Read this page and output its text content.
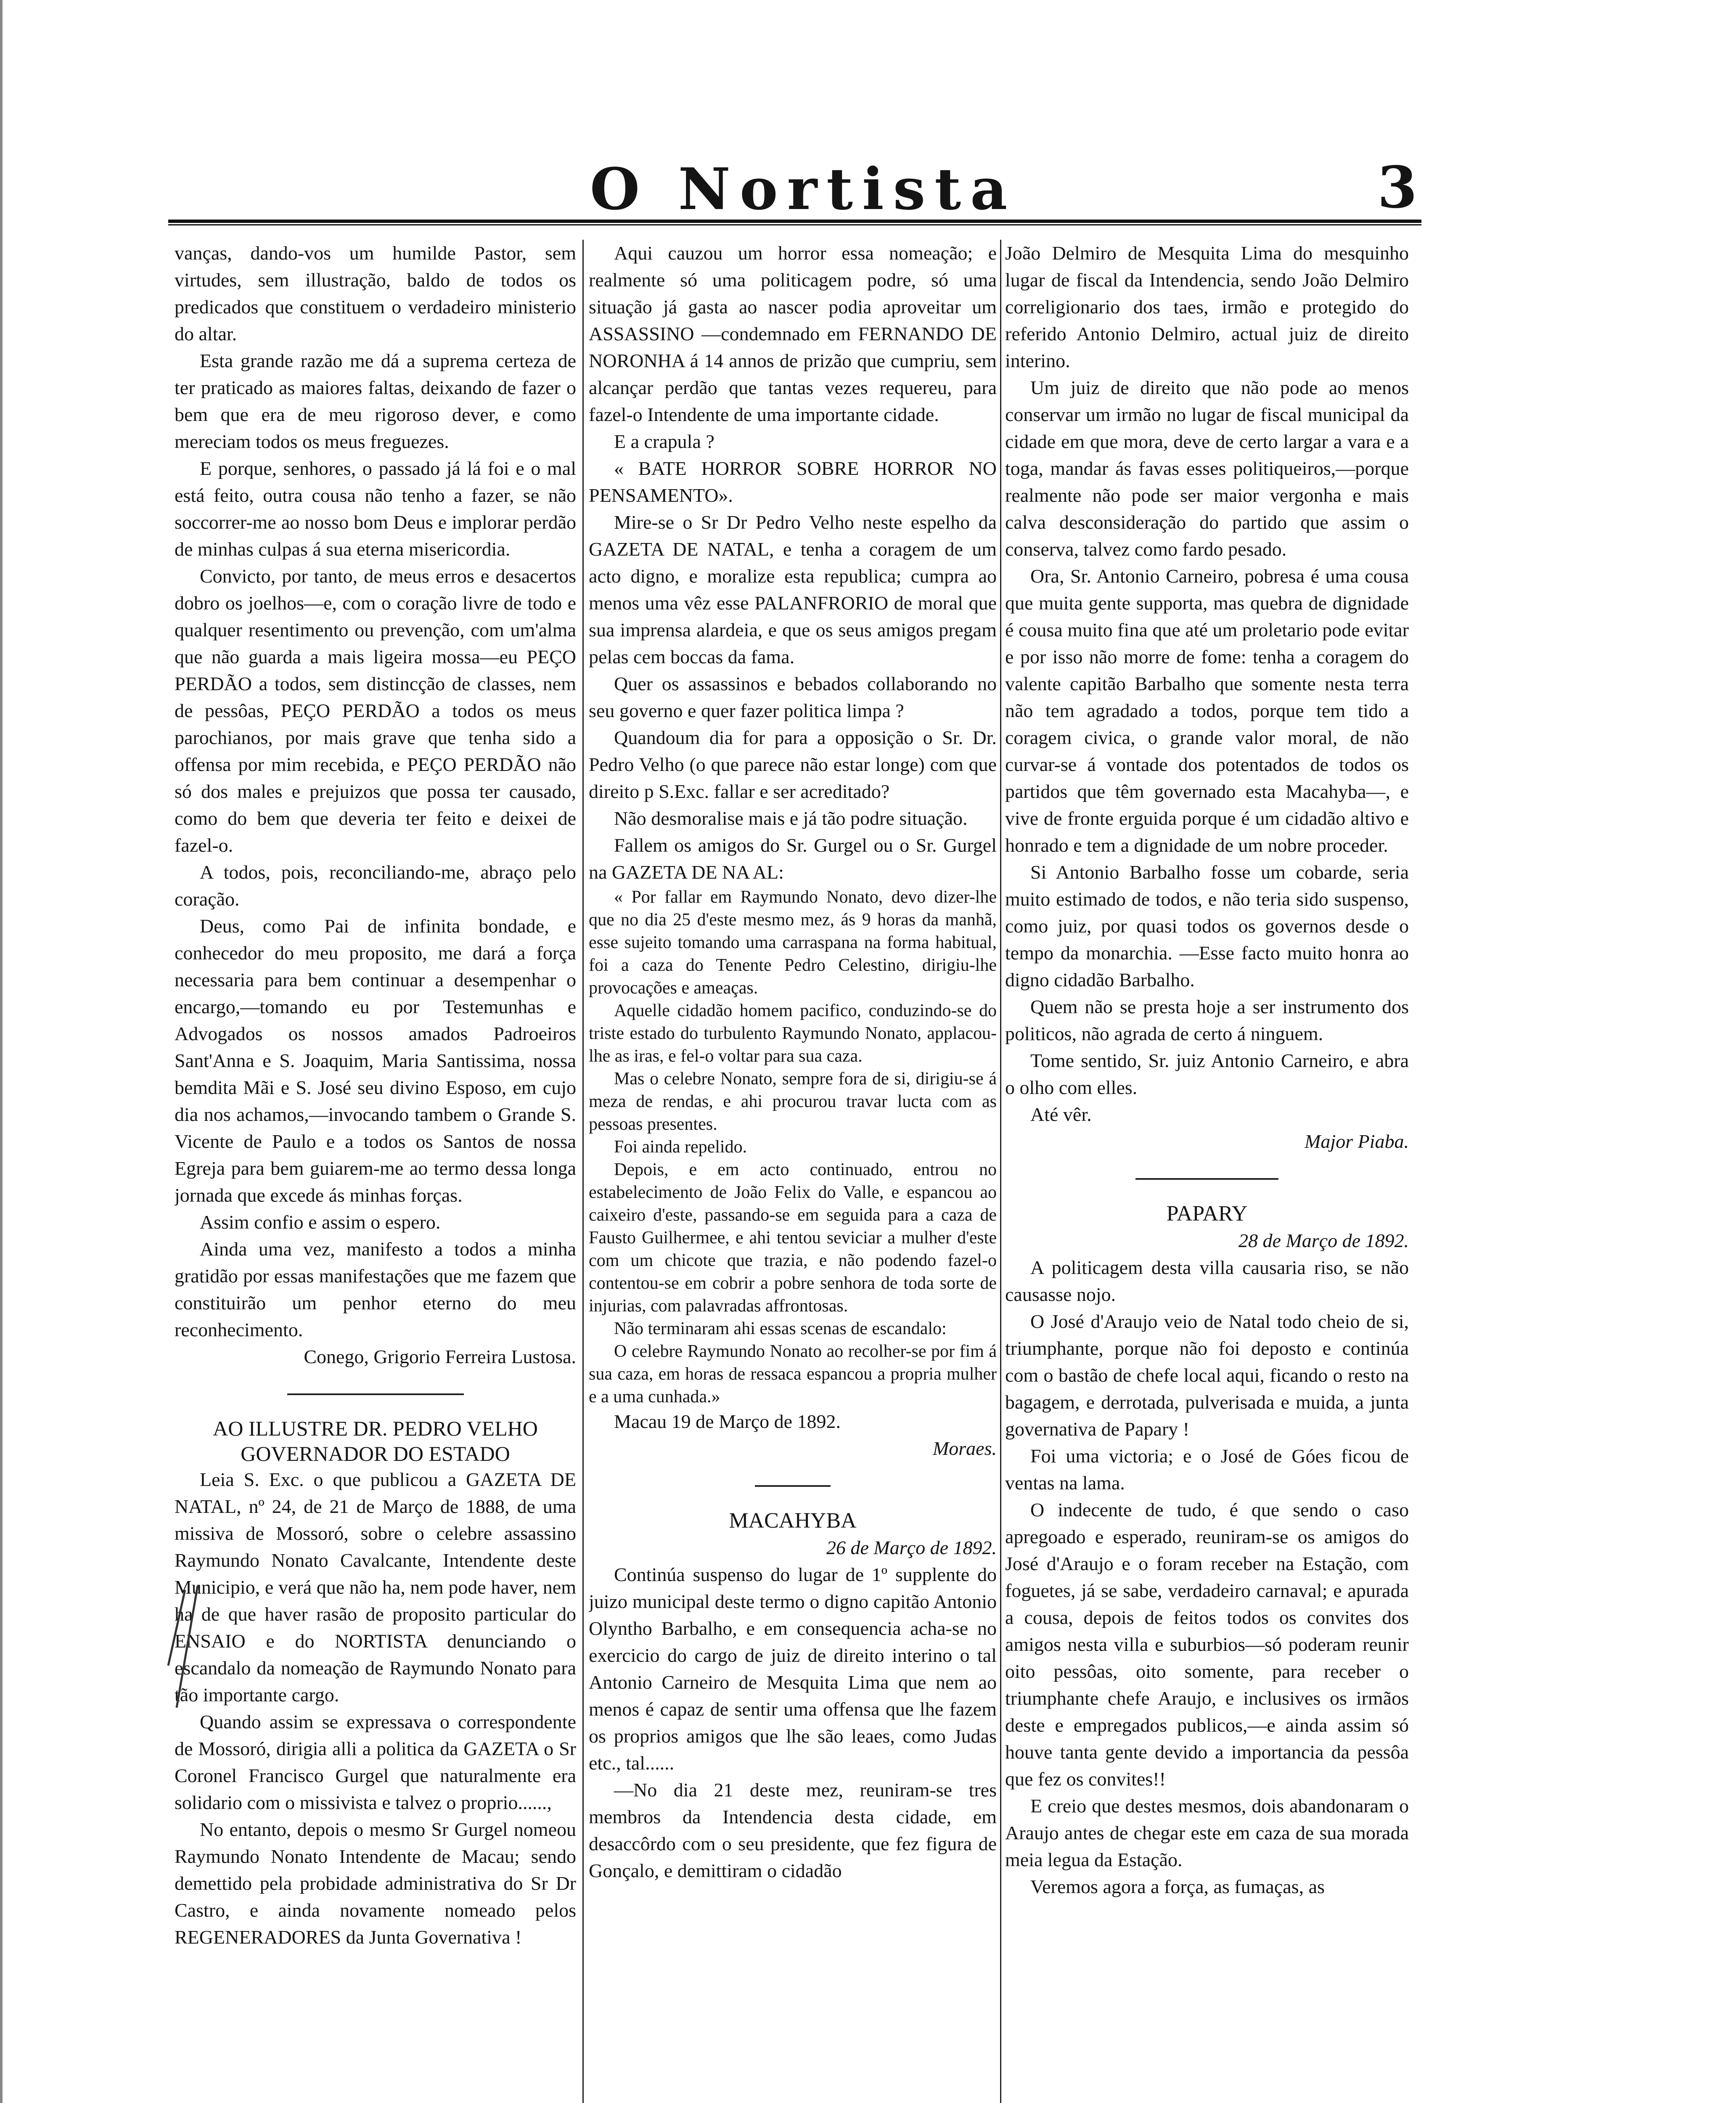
O Nortista	3

vanças, dando-vos um humilde Pastor, sem virtudes, sem illustração, baldo de todos os predicados que constituem o verdadeiro ministerio do altar.

Esta grande razão me dá a suprema certeza de ter praticado as maiores faltas, deixando de fazer o bem que era de meu rigoroso dever, e como mereciam todos os meus freguezes.

E porque, senhores, o passado já lá foi e o mal está feito, outra cousa não tenho a fazer, se não soccorrer-me ao nosso bom Deus e implorar perdão de minhas culpas á sua eterna misericordia.

Convicto, por tanto, de meus erros e desacertos dobro os joelhos—e, com o coração livre de todo e qualquer resentimento ou prevenção, com um'alma que não guarda a mais ligeira mossa—eu PEÇO PERDÃO a todos, sem distincção de classes, nem de pessôas, PEÇO PERDÃO a todos os meus parochianos, por mais grave que tenha sido a offensa por mim recebida, e PEÇO PERDÃO não só dos males e prejuizos que possa ter causado, como do bem que deveria ter feito e deixei de fazel-o.

A todos, pois, reconciliando-me, abraço pelo coração.

Deus, como Pai de infinita bondade, e conhecedor do meu proposito, me dará a força necessaria para bem continuar a desempenhar o encargo,—tomando eu por Testemunhas e Advogados os nossos amados Padroeiros Sant'Anna e S. Joaquim, Maria Santissima, nossa bemdita Mãi e S. José seu divino Esposo, em cujo dia nos achamos,—invocando tambem o Grande S. Vicente de Paulo e a todos os Santos de nossa Egreja para bem guiarem-me ao termo dessa longa jornada que excede ás minhas forças.

Assim confio e assim o espero.

Ainda uma vez, manifesto a todos a minha gratidão por essas manifestações que me fazem que constituirão um penhor eterno do meu reconhecimento.

Conego, Grigorio Ferreira Lustosa.

AO ILLUSTRE DR. PEDRO VELHO GOVERNADOR DO ESTADO

Leia S. Exc. o que publicou a GAZETA DE NATAL, nº 24, de 21 de Março de 1888, de uma missiva de Mossoró, sobre o celebre assassino Raymundo Nonato Cavalcante, Intendente deste Municipio, e verá que não ha, nem pode haver, nem ha de que haver rasão de proposito particular do ENSAIO e do NORTISTA denunciando o escandalo da nomeação de Raymundo Nonato para tão importante cargo.

Quando assim se expressava o correspondente de Mossoró, dirigia alli a politica da GAZETA o Sr Coronel Francisco Gurgel que naturalmente era solidario com o missivista e talvez o proprio......,

No entanto, depois o mesmo Sr Gurgel nomeou Raymundo Nonato Intendente de Macau; sendo demettido pela probidade administrativa do Sr Dr Castro, e ainda novamente nomeado pelos REGENERADORES da Junta Governativa !

Aqui cauzou um horror essa nomeação; e realmente só uma politicagem podre, só uma situação já gasta ao nascer podia aproveitar um ASSASSINO —condemnado em FERNANDO DE NORONHA á 14 annos de prizão que cumpriu, sem alcançar perdão que tantas vezes requereu, para fazel-o Intendente de uma importante cidade.

E a crapula ?

« BATE HORROR SOBRE HORROR NO PENSAMENTO».

Mire-se o Sr Dr Pedro Velho neste espelho da GAZETA DE NATAL, e tenha a coragem de um acto digno, e moralize esta republica; cumpra ao menos uma vêz esse PALANFRORIO de moral que sua imprensa alardeia, e que os seus amigos pregam pelas cem boccas da fama.

Quer os assassinos e bebados collaborando no seu governo e quer fazer politica limpa ?

Quandoum dia for para a opposição o Sr. Dr. Pedro Velho (o que parece não estar longe) com que direito p S.Exc. fallar e ser acreditado?

Não desmoralise mais e já tão podre situação.

Fallem os amigos do Sr. Gurgel ou o Sr. Gurgel na GAZETA DE NA AL:

« Por fallar em Raymundo Nonato, devo dizer-lhe que no dia 25 d'este mesmo mez, ás 9 horas da manhã, esse sujeito tomando uma carraspana na forma habitual, foi a caza do Tenente Pedro Celestino, dirigiu-lhe provocações e ameaças.

Aquelle cidadão homem pacifico, conduzindo-se do triste estado do turbulento Raymundo Nonato, applacou-lhe as iras, e fel-o voltar para sua caza.

Mas o celebre Nonato, sempre fora de si, dirigiu-se á meza de rendas, e ahi procurou travar lucta com as pessoas presentes.

Foi ainda repelido.

Depois, e em acto continuado, entrou no estabelecimento de João Felix do Valle, e espancou ao caixeiro d'este, passando-se em seguida para a caza de Fausto Guilhermee, e ahi tentou seviciar a mulher d'este com um chicote que trazia, e não podendo fazel-o contentou-se em cobrir a pobre senhora de toda sorte de injurias, com palavradas affrontosas.

Não terminaram ahi essas scenas de escandalo:

O celebre Raymundo Nonato ao recolher-se por fim á sua caza, em horas de ressaca espancou a propria mulher e a uma cunhada.»

Macau 19 de Março de 1892.

Moraes.

MACAHYBA

26 de Março de 1892.

Continúa suspenso do lugar de 1º supplente do juizo municipal deste termo o digno capitão Antonio Olyntho Barbalho, e em consequencia acha-se no exercicio do cargo de juiz de direito interino o tal Antonio Carneiro de Mesquita Lima que nem ao menos é capaz de sentir uma offensa que lhe fazem os proprios amigos que lhe são leaes, como Judas etc., tal......

—No dia 21 deste mez, reuniram-se tres membros da Intendencia desta cidade, em desaccôrdo com o seu presidente, que fez figura de Gonçalo, e demittiram o cidadão

João Delmiro de Mesquita Lima do mesquinho lugar de fiscal da Intendencia, sendo João Delmiro correligionario dos taes, irmão e protegido do referido Antonio Delmiro, actual juiz de direito interino.

Um juiz de direito que não pode ao menos conservar um irmão no lugar de fiscal municipal da cidade em que mora, deve de certo largar a vara e a toga, mandar ás favas esses politiqueiros,—porque realmente não pode ser maior vergonha e mais calva desconsideração do partido que assim o conserva, talvez como fardo pesado.

Ora, Sr. Antonio Carneiro, pobresa é uma cousa que muita gente supporta, mas quebra de dignidade é cousa muito fina que até um proletario pode evitar e por isso não morre de fome: tenha a coragem do valente capitão Barbalho que somente nesta terra não tem agradado a todos, porque tem tido a coragem civica, o grande valor moral, de não curvar-se á vontade dos potentados de todos os partidos que têm governado esta Macahyba—, e vive de fronte erguida porque é um cidadão altivo e honrado e tem a dignidade de um nobre proceder.

Si Antonio Barbalho fosse um cobarde, seria muito estimado de todos, e não teria sido suspenso, como juiz, por quasi todos os governos desde o tempo da monarchia. —Esse facto muito honra ao digno cidadão Barbalho.

Quem não se presta hoje a ser instrumento dos politicos, não agrada de certo á ninguem.

Tome sentido, Sr. juiz Antonio Carneiro, e abra o olho com elles.

Até vêr.

Major Piaba.

PAPARY

28 de Março de 1892.

A politicagem desta villa causaria riso, se não causasse nojo.

O José d'Araujo veio de Natal todo cheio de si, triumphante, porque não foi deposto e continúa com o bastão de chefe local aqui, ficando o resto na bagagem, e derrotada, pulverisada e muida, a junta governativa de Papary !

Foi uma victoria; e o José de Góes ficou de ventas na lama.

O indecente de tudo, é que sendo o caso apregoado e esperado, reuniram-se os amigos do José d'Araujo e o foram receber na Estação, com foguetes, já se sabe, verdadeiro carnaval; e apurada a cousa, depois de feitos todos os convites dos amigos nesta villa e suburbios—só poderam reunir oito pessôas, oito somente, para receber o triumphante chefe Araujo, e inclusives os irmãos deste e empregados publicos,—e ainda assim só houve tanta gente devido a importancia da pessôa que fez os convites!!

E creio que destes mesmos, dois abandonaram o Araujo antes de chegar este em caza de sua morada meia legua da Estação.

Veremos agora a força, as fumaças, as
